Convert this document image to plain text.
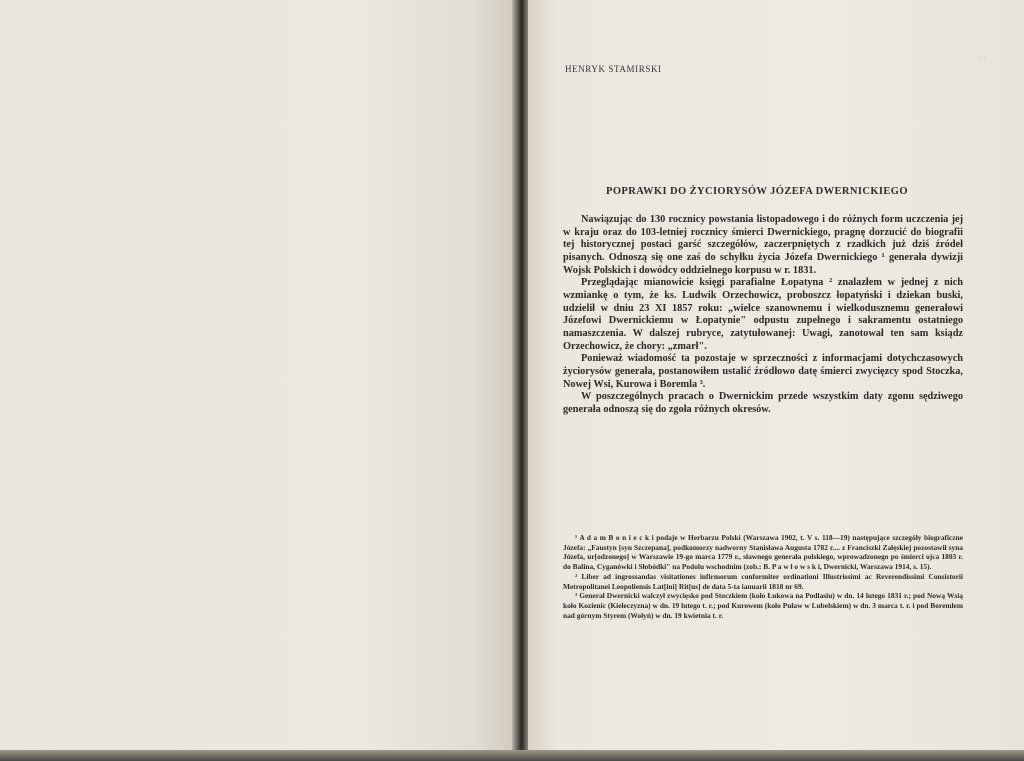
·:·
HENRYK STAMIRSKI
POPRAWKI DO ŻYCIORYSÓW JÓZEFA DWERNICKIEGO

Nawiązując do 130 rocznicy powstania listopadowego i do różnych form uczczenia jej w kraju oraz do 103-letniej rocznicy śmierci Dwernickiego, pragnę dorzucić do biografii tej historycznej postaci garść szczegółów, zaczerpniętych z rzadkich już dziś źródeł pisanych. Odnoszą się one zaś do schyłku życia Józefa Dwernickiego ¹ generała dywizji Wojsk Polskich i dowódcy oddzielnego korpusu w r. 1831.

Przeglądając mianowicie księgi parafialne Łopatyna ² znalazłem w jednej z nich wzmiankę o tym, że ks. Ludwik Orzechowicz, proboszcz łopatyński i dziekan buski, udzielił w dniu 23 XI 1857 roku: „wielce szanownemu i wielkodusznemu generałowi Józefowi Dwernickiemu w Łopatynie" odpustu zupełnego i sakramentu ostatniego namaszczenia. W dalszej rubryce, zatytułowanej: Uwagi, zanotował ten sam ksiądz Orzechowicz, że chory: „zmarł".

Ponieważ wiadomość ta pozostaje w sprzeczności z informacjami dotychczasowych życiorysów generała, postanowiłem ustalić źródłowo datę śmierci zwycięzcy spod Stoczka, Nowej Wsi, Kurowa i Boremla ³.

W poszczególnych pracach o Dwernickim przede wszystkim daty zgonu sędziwego generała odnoszą się do zgoła różnych okresów.

¹ A d a m B o n i e c k i podaje w Herbarzu Polski (Warszawa 1902, t. V s. 118—19) następujące szczegóły biograficzne Józefa: „Faustyn [syn Szczepana], podkomorzy nadworny Stanisława Augusta 1782 r.... z Franciszki Załęskiej pozostawił syna Józefa, ur[odzonego] w Warszawie 19-go marca 1779 r., sławnego generała polskiego, wprowadzonego po śmierci ojca 1803 r. do Balina, Cyganówki i Słobódki" na Podolu wschodnim (zob.: B. P a w ł o w s k i, Dwernicki, Warszawa 1914, s. 15).

² Liber ad ingrossandas visitationes infirmorum conformiter ordinationi Illustrissimi ac Reverendissimi Consistorii Metropolitanei Leopoliensis Lat[ini] Rit[us] de data 5-ta ianuarii 1818 nr 69.

³ Generał Dwernicki walczył zwycięsko pod Stoczkiem (koło Łukowa na Podlasiu) w dn. 14 lutego 1831 r.; pod Nową Wsią koło Kozienic (Kieleczyzna) w dn. 19 lutego t. r.; pod Kurowem (koło Puław w Lubelskiem) w dn. 3 marca t. r. i pod Boremlem nad górnym Styrem (Wołyń) w dn. 19 kwietnia t. r.
